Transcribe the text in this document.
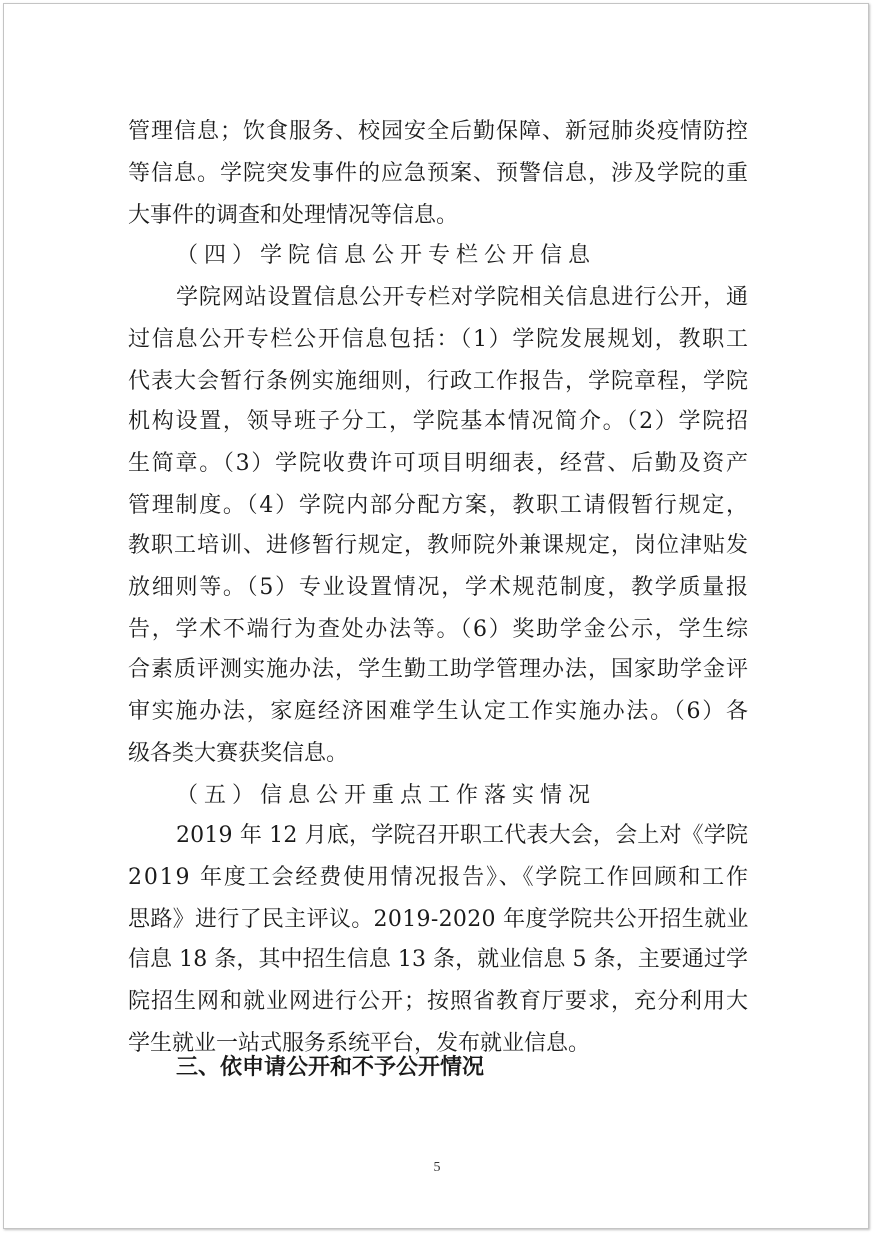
管理信息；饮食服务、校园安全后勤保障、新冠肺炎疫情防控
等信息。学院突发事件的应急预案、预警信息，涉及学院的重
大事件的调查和处理情况等信息。
（四）学院信息公开专栏公开信息
学院网站设置信息公开专栏对学院相关信息进行公开，通
过信息公开专栏公开信息包括：（1）学院发展规划，教职工
代表大会暂行条例实施细则，行政工作报告，学院章程，学院
机构设置，领导班子分工，学院基本情况简介。（2）学院招
生简章。（3）学院收费许可项目明细表，经营、后勤及资产
管理制度。（4）学院内部分配方案，教职工请假暂行规定，
教职工培训、进修暂行规定，教师院外兼课规定，岗位津贴发
放细则等。（5）专业设置情况，学术规范制度，教学质量报
告，学术不端行为查处办法等。（6）奖助学金公示，学生综
合素质评测实施办法，学生勤工助学管理办法，国家助学金评
审实施办法，家庭经济困难学生认定工作实施办法。（6）各
级各类大赛获奖信息。
（五）信息公开重点工作落实情况
2019 年 12 月底，学院召开职工代表大会，会上对《学院
2019 年度工会经费使用情况报告》、《学院工作回顾和工作
思路》进行了民主评议。2019-2020 年度学院共公开招生就业
信息 18 条，其中招生信息 13 条，就业信息 5 条，主要通过学
院招生网和就业网进行公开；按照省教育厅要求，充分利用大
学生就业一站式服务系统平台，发布就业信息。
三、依申请公开和不予公开情况
5
